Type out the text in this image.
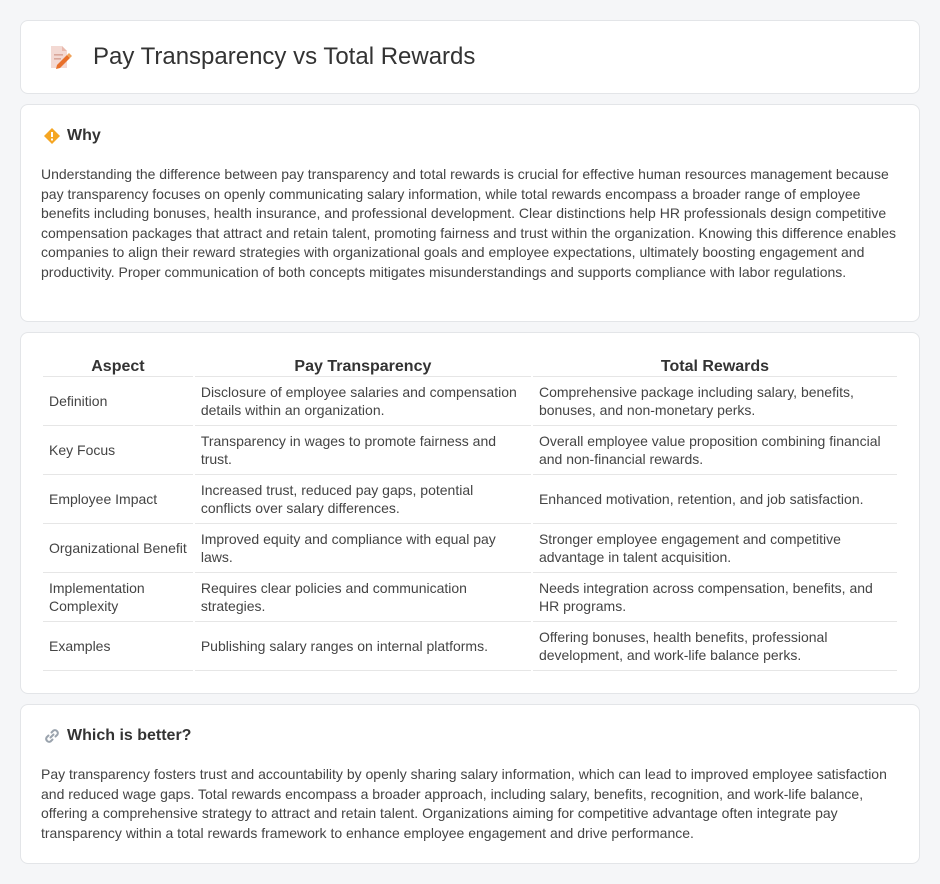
Pay Transparency vs Total Rewards
Why

Understanding the difference between pay transparency and total rewards is crucial for effective human resources management because pay transparency focuses on openly communicating salary information, while total rewards encompass a broader range of employee benefits including bonuses, health insurance, and professional development. Clear distinctions help HR professionals design competitive compensation packages that attract and retain talent, promoting fairness and trust within the organization. Knowing this difference enables companies to align their reward strategies with organizational goals and employee expectations, ultimately boosting engagement and productivity. Proper communication of both concepts mitigates misunderstandings and supports compliance with labor regulations.

Aspect	Pay Transparency	Total Rewards
Definition	Disclosure of employee salaries and compensation details within an organization.	Comprehensive package including salary, benefits, bonuses, and non-monetary perks.
Key Focus	Transparency in wages to promote fairness and trust.	Overall employee value proposition combining financial and non-financial rewards.
Employee Impact	Increased trust, reduced pay gaps, potential conflicts over salary differences.	Enhanced motivation, retention, and job satisfaction.
Organizational Benefit	Improved equity and compliance with equal pay laws.	Stronger employee engagement and competitive advantage in talent acquisition.
Implementation Complexity	Requires clear policies and communication strategies.	Needs integration across compensation, benefits, and HR programs.
Examples	Publishing salary ranges on internal platforms.	Offering bonuses, health benefits, professional development, and work-life balance perks.
Which is better?

Pay transparency fosters trust and accountability by openly sharing salary information, which can lead to improved employee satisfaction and reduced wage gaps. Total rewards encompass a broader approach, including salary, benefits, recognition, and work-life balance, offering a comprehensive strategy to attract and retain talent. Organizations aiming for competitive advantage often integrate pay transparency within a total rewards framework to enhance employee engagement and drive performance.
